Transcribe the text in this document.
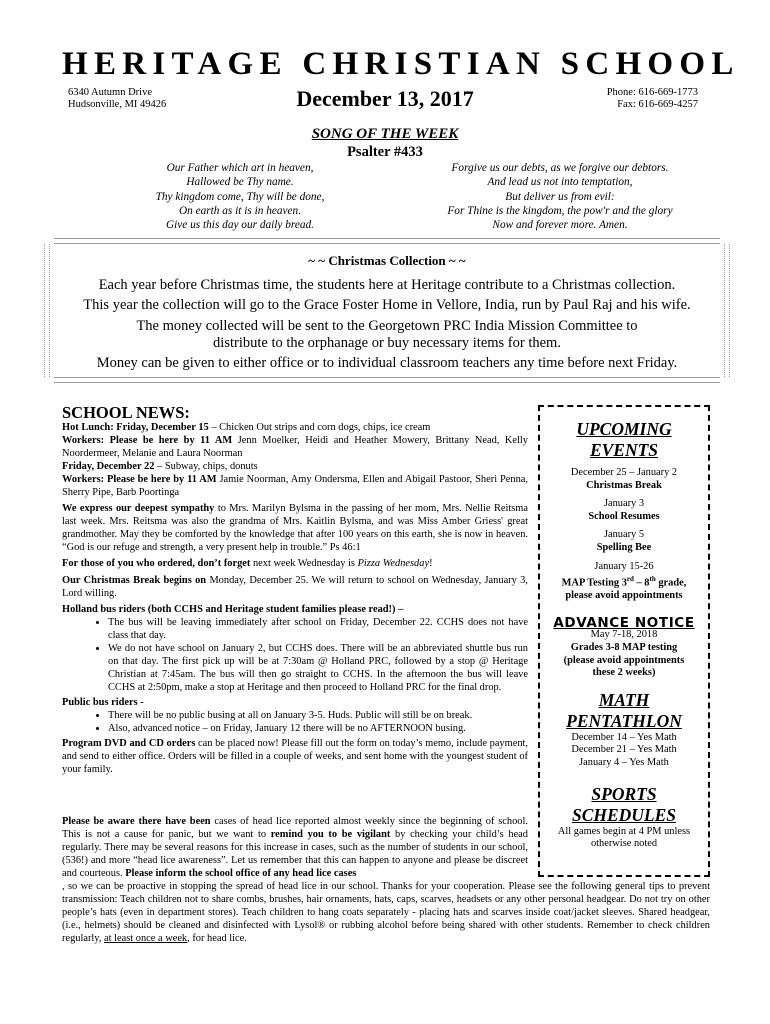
HERITAGE CHRISTIAN SCHOOL
6340 Autumn Drive
Hudsonville, MI 49426	December 13, 2017	Phone: 616-669-1773
Fax: 616-669-4257
SONG OF THE WEEK
Psalter #433
Our Father which art in heaven,
Hallowed be Thy name.
Thy kingdom come, Thy will be done,
On earth as it is in heaven.
Give us this day our daily bread.
Forgive us our debts, as we forgive our debtors.
And lead us not into temptation,
But deliver us from evil:
For Thine is the kingdom, the pow'r and the glory
Now and forever more. Amen.
~ ~ Christmas Collection ~ ~
Each year before Christmas time, the students here at Heritage contribute to a Christmas collection.
This year the collection will go to the Grace Foster Home in Vellore, India, run by Paul Raj and his wife.
The money collected will be sent to the Georgetown PRC India Mission Committee to
distribute to the orphanage or buy necessary items for them.
Money can be given to either office or to individual classroom teachers any time before next Friday.
SCHOOL NEWS:

Hot Lunch: Friday, December 15 – Chicken Out strips and corn dogs, chips, ice cream
Workers: Please be here by 11 AM Jenn Moelker, Heidi and Heather Mowery, Brittany Nead, Kelly Noordermeer, Melanie and Laura Noorman
Friday, December 22 – Subway, chips, donuts
Workers: Please be here by 11 AM Jamie Noorman, Amy Ondersma, Ellen and Abigail Pastoor, Sheri Penna, Sherry Pipe, Barb Poortinga

We express our deepest sympathy to Mrs. Marilyn Bylsma in the passing of her mom, Mrs. Nellie Reitsma last week. Mrs. Reitsma was also the grandma of Mrs. Kaitlin Bylsma, and was Miss Amber Griess' great grandmother. May they be comforted by the knowledge that after 100 years on this earth, she is now in heaven. “God is our refuge and strength, a very present help in trouble.” Ps 46:1

For those of you who ordered, don’t forget next week Wednesday is Pizza Wednesday!

Our Christmas Break begins on Monday, December 25. We will return to school on Wednesday, January 3, Lord willing.

Holland bus riders (both CCHS and Heritage student families please read!) –

• The bus will be leaving immediately after school on Friday, December 22. CCHS does not have class that day.
• We do not have school on January 2, but CCHS does. There will be an abbreviated shuttle bus run on that day. The first pick up will be at 7:30am @ Holland PRC, followed by a stop @ Heritage Christian at 7:45am. The bus will then go straight to CCHS. In the afternoon the bus will leave CCHS at 2:50pm, make a stop at Heritage and then proceed to Holland PRC for the final drop.

Public bus riders -

• There will be no public busing at all on January 3-5. Huds. Public will still be on break.
• Also, advanced notice – on Friday, January 12 there will be no AFTERNOON busing.

Program DVD and CD orders can be placed now! Please fill out the form on today’s memo, include payment, and send to either office. Orders will be filled in a couple of weeks, and sent home with the youngest student of your family.

Please be aware there have been cases of head lice reported almost weekly since the beginning of school. This is not a cause for panic, but we want to remind you to be vigilant by checking your child’s head regularly. There may be several reasons for this increase in cases, such as the number of students in our school, (536!) and more “head lice awareness”. Let us remember that this can happen to anyone and please be discreet and courteous. Please inform the school office of any head lice cases
, so we can be proactive in stopping the spread of head lice in our school. Thanks for your cooperation. Please see the following general tips to prevent transmission: Teach children not to share combs, brushes, hair ornaments, hats, caps, scarves, headsets or any other personal headgear. Do not try on other people’s hats (even in department stores). Teach children to hang coats separately - placing hats and scarves inside coat/jacket sleeves. Shared headgear, (i.e., helmets) should be cleaned and disinfected with Lysol® or rubbing alcohol before being shared with other students. Remember to check children regularly, at least once a week, for head lice.
UPCOMING
EVENTS
December 25 – January 2
Christmas Break
January 3
School Resumes
January 5
Spelling Bee
January 15-26
MAP Testing 3rd – 8th grade,
please avoid appointments
ADVANCE NOTICE
May 7-18, 2018
Grades 3-8 MAP testing
(please avoid appointments
these 2 weeks)
MATH
PENTATHLON
December 14 – Yes Math
December 21 – Yes Math
January 4 – Yes Math
SPORTS
SCHEDULES
All games begin at 4 PM unless
otherwise noted
